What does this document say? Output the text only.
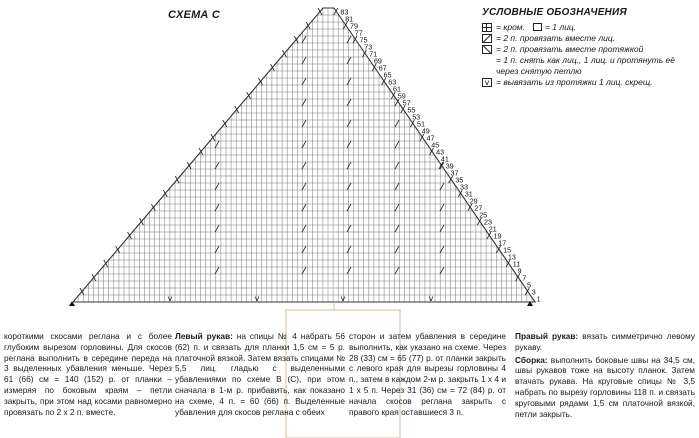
83
81
79
77
75
73
71
69
67
65
63
61
59
57
55
53
51
49
47
45
43
41
39
37
35
33
31
29
27
25
23
21
19
17
15
13
11
9
7
5
3
1
v	v	v	v
СХЕМА С	УСЛОВНЫЕ ОБОЗНАЧЕНИЯ
= кром. = 1 лиц.
= 2 п. провязать вместе лиц.
= 2 п. провязать вместе протяжкой
= 1 п. снять как лиц., 1 лиц. и протянуть её через снятую петлю
v = вывязать из протяжки 1 лиц. скрещ.

короткими скосами реглана и с более глубоким вырезом горловины. Для скосов реглана выполнить в середине переда на 3 выделенных убавления меньше. Через 61 (66) см = 140 (152) р. от планки – измеряя по боковым краям – петли закрыть, при этом над косами равномерно провязать по 2 х 2 п. вместе.

Левый рукав: на спицы № 4 набрать 56 (62) п. и связать для планки 1,5 см = 5 р. платочной вязкой. Затем вязать спицами № 5,5 лиц. гладью с выделенными убавлениями по схеме В (С), при этом сначала в 1-м р. прибавить, как показано на схеме, 4 п. = 60 (66) п. Выделенные убавления для скосов реглана с обеих

сторон и затем убавления в середине выполнить, как указано на схеме. Через 28 (33) см = 65 (77) р. от планки закрыть с левого края для вырезы горловины 4 п., затем в каждом 2-м р. закрыть 1 х 4 и 1 х 5 п. Через 31 (36) см = 72 (84) р. от начала скосов реглана закрыть с правого края оставшиеся 3 п.

Правый рукав: вязать симметрично левому рукаву.

Сборка: выполнить боковые швы на 34,5 см, швы рукавов тоже на высоту планок. Затем втачать рукава. На круговые спицы № 3,5 набрать по вырезу горловины 118 п. и связать круговыми рядами 1,5 см платочной вязкой, петли закрыть.
